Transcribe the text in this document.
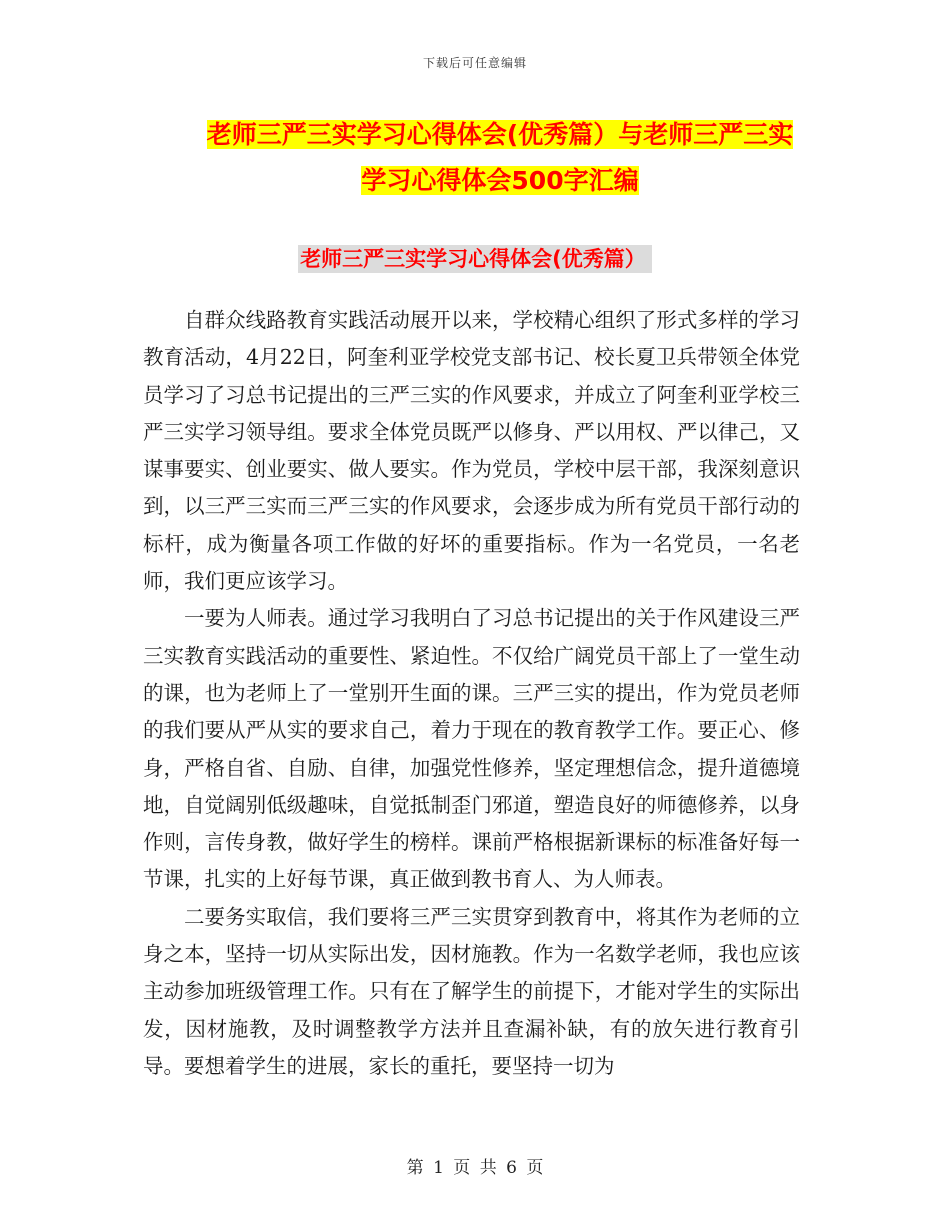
下载后可任意编辑
老师三严三实学习心得体会(优秀篇）与老师三严三实
学习心得体会500字汇编
老师三严三实学习心得体会(优秀篇）

自群众线路教育实践活动展开以来，学校精心组织了形式多样的学习教育活动，4月22日，阿奎利亚学校党支部书记、校长夏卫兵带领全体党员学习了习总书记提出的三严三实的作风要求，并成立了阿奎利亚学校三严三实学习领导组。要求全体党员既严以修身、严以用权、严以律己，又谋事要实、创业要实、做人要实。作为党员，学校中层干部，我深刻意识到，以三严三实而三严三实的作风要求，会逐步成为所有党员干部行动的标杆，成为衡量各项工作做的好坏的重要指标。作为一名党员，一名老师，我们更应该学习。

一要为人师表。通过学习我明白了习总书记提出的关于作风建设三严三实教育实践活动的重要性、紧迫性。不仅给广阔党员干部上了一堂生动的课，也为老师上了一堂别开生面的课。三严三实的提出，作为党员老师的我们要从严从实的要求自己，着力于现在的教育教学工作。要正心、修身，严格自省、自励、自律，加强党性修养，坚定理想信念，提升道德境地，自觉阔别低级趣味，自觉抵制歪门邪道，塑造良好的师德修养，以身作则，言传身教，做好学生的榜样。课前严格根据新课标的标准备好每一节课，扎实的上好每节课，真正做到教书育人、为人师表。

二要务实取信，我们要将三严三实贯穿到教育中，将其作为老师的立身之本，坚持一切从实际出发，因材施教。作为一名数学老师，我也应该主动参加班级管理工作。只有在了解学生的前提下，才能对学生的实际出发，因材施教，及时调整教学方法并且查漏补缺，有的放矢进行教育引导。要想着学生的进展，家长的重托，要坚持一切为

第 1 页 共 6 页
